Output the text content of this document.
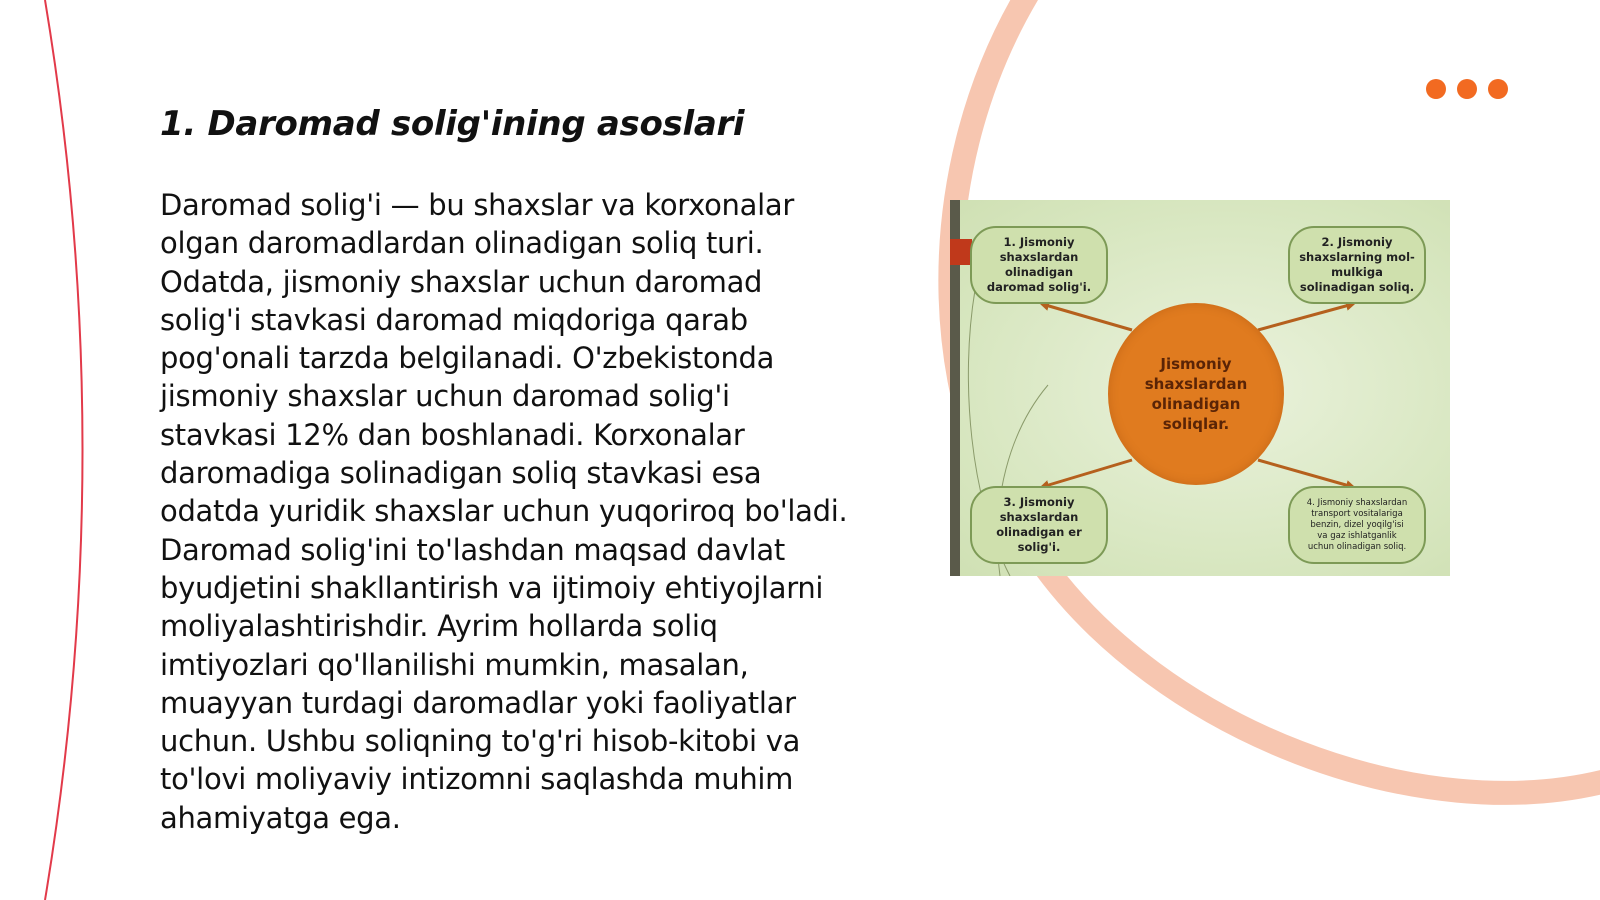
1. Daromad solig'ining asoslari

Daromad solig'i — bu shaxslar va korxonalar olgan daromadlardan olinadigan soliq turi. Odatda, jismoniy shaxslar uchun daromad solig'i stavkasi daromad miqdoriga qarab pog'onali tarzda belgilanadi. O'zbekistonda jismoniy shaxslar uchun daromad solig'i stavkasi 12% dan boshlanadi. Korxonalar daromadiga solinadigan soliq stavkasi esa odatda yuridik shaxslar uchun yuqoriroq bo'ladi. Daromad solig'ini to'lashdan maqsad davlat byudjetini shakllantirish va ijtimoiy ehtiyojlarni moliyalashtirishdir. Ayrim hollarda soliq imtiyozlari qo'llanilishi mumkin, masalan, muayyan turdagi daromadlar yoki faoliyatlar uchun. Ushbu soliqning to'g'ri hisob-kitobi va to'lovi moliyaviy intizomni saqlashda muhim ahamiyatga ega.

1. Jismoniy
shaxslardan
olinadigan
daromad solig'i.
2. Jismoniy
shaxslarning mol-
mulkiga
solinadigan soliq.
3. Jismoniy
shaxslardan
olinadigan er
solig'i.
4. Jismoniy shaxslardan
transport vositalariga
benzin, dizel yoqilg'isi
va gaz ishlatganlik
uchun olinadigan soliq.
Jismoniy
shaxslardan
olinadigan
soliqlar.
